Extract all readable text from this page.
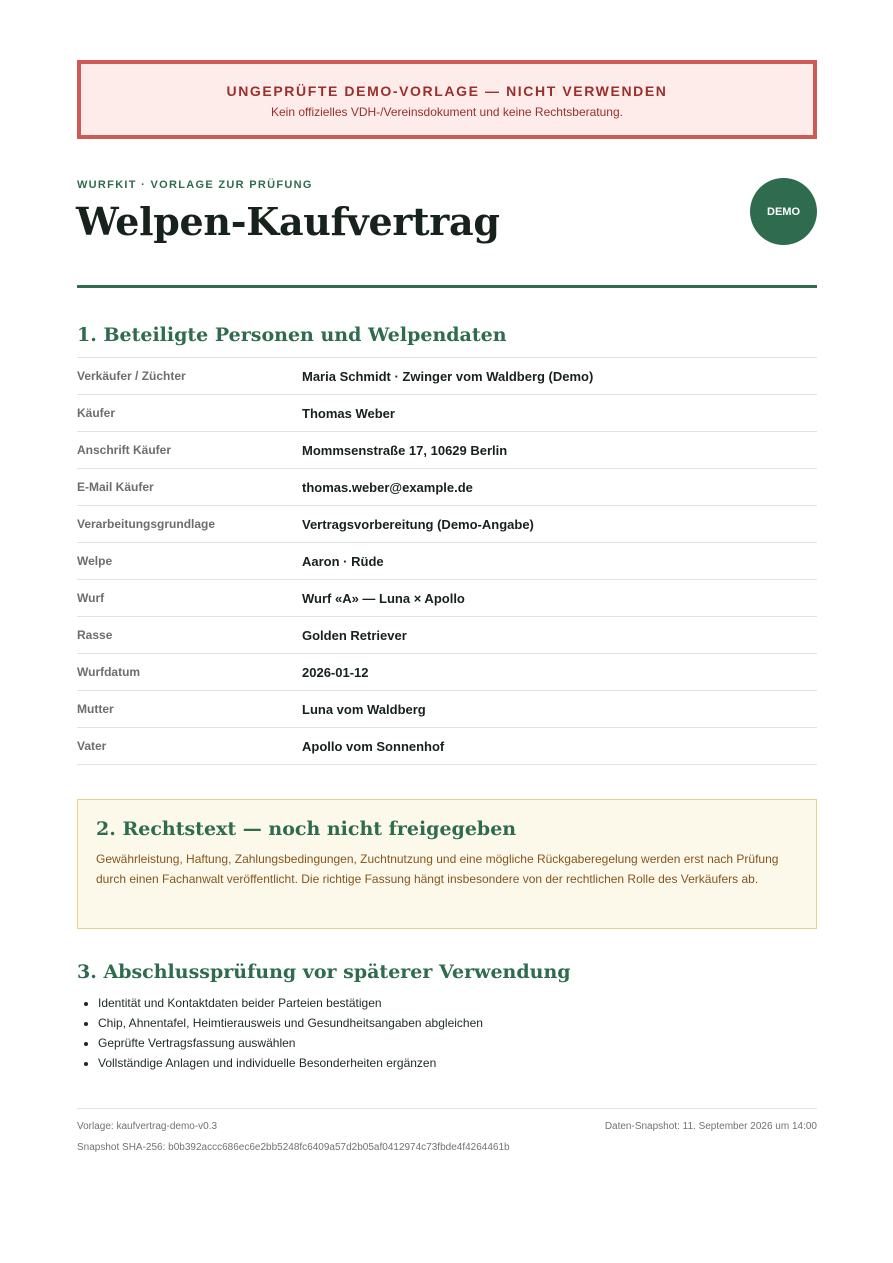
UNGEPRÜFTE DEMO-VORLAGE — NICHT VERWENDEN
Kein offizielles VDH-/Vereinsdokument und keine Rechtsberatung.
WURFKIT · VORLAGE ZUR PRÜFUNG
Welpen-Kaufvertrag	DEMO
1. Beteiligte Personen und Welpendaten
Verkäufer / Züchter	Maria Schmidt · Zwinger vom Waldberg (Demo)
Käufer	Thomas Weber
Anschrift Käufer	Mommsenstraße 17, 10629 Berlin
E-Mail Käufer	thomas.weber@example.de
Verarbeitungsgrundlage	Vertragsvorbereitung (Demo-Angabe)
Welpe	Aaron · Rüde
Wurf	Wurf «A» — Luna × Apollo
Rasse	Golden Retriever
Wurfdatum	2026-01-12
Mutter	Luna vom Waldberg
Vater	Apollo vom Sonnenhof
2. Rechtstext — noch nicht freigegeben
Gewährleistung, Haftung, Zahlungsbedingungen, Zuchtnutzung und eine mögliche Rückgaberegelung werden erst nach Prüfung durch einen Fachanwalt veröffentlicht. Die richtige Fassung hängt insbesondere von der rechtlichen Rolle des Verkäufers ab.
3. Abschlussprüfung vor späterer Verwendung
• Identität und Kontaktdaten beider Parteien bestätigen
• Chip, Ahnentafel, Heimtierausweis und Gesundheitsangaben abgleichen
• Geprüfte Vertragsfassung auswählen
• Vollständige Anlagen und individuelle Besonderheiten ergänzen
Vorlage: kaufvertrag-demo-v0.3	Daten-Snapshot: 11. September 2026 um 14:00
Snapshot SHA-256: b0b392accc686ec6e2bb5248fc6409a57d2b05af0412974c73fbde4f4264461b
